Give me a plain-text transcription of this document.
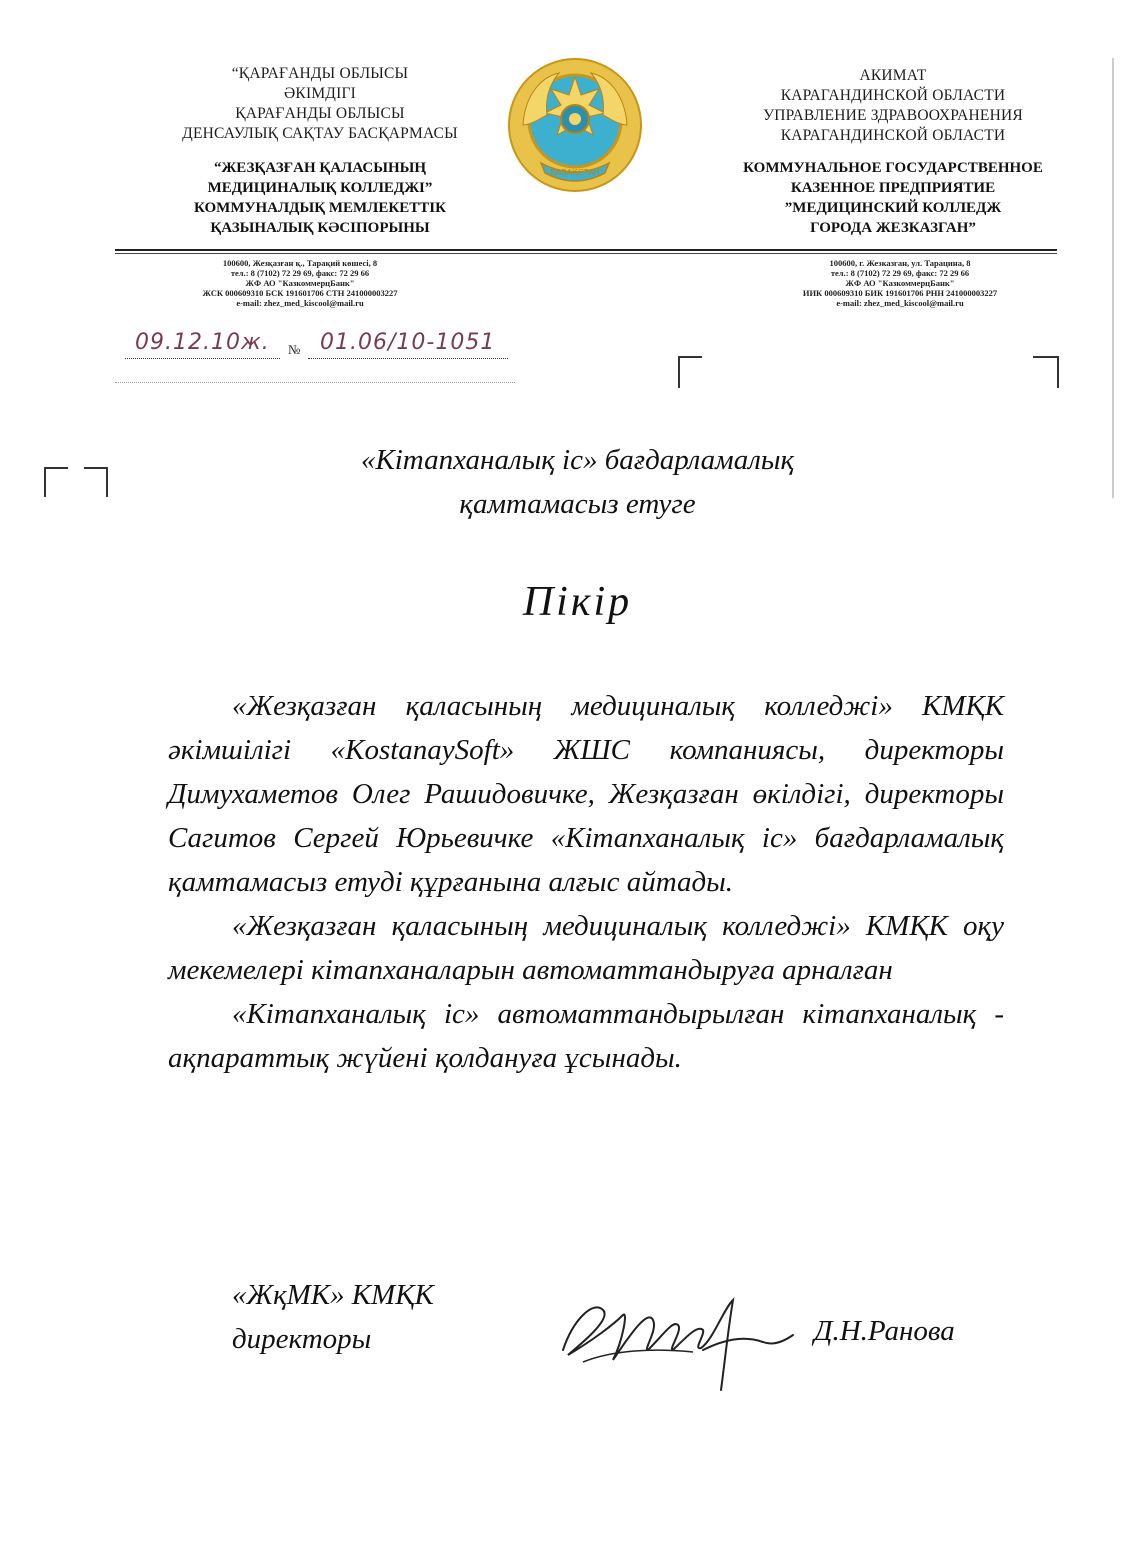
“ҚАРАҒАНДЫ ОБЛЫСЫ
ӘКІМДІГІ
ҚАРАҒАНДЫ ОБЛЫСЫ
ДЕНСАУЛЫҚ САҚТАУ БАСҚАРМАСЫ
“ЖЕЗҚАЗҒАН ҚАЛАСЫНЫҢ
МЕДИЦИНАЛЫҚ КОЛЛЕДЖІ”
КОММУНАЛДЫҚ МЕМЛЕКЕТТІК
ҚАЗЫНАЛЫҚ КӘСІПОРЫНЫ
АКИМАТ
КАРАГАНДИНСКОЙ ОБЛАСТИ
УПРАВЛЕНИЕ ЗДРАВООХРАНЕНИЯ
КАРАГАНДИНСКОЙ ОБЛАСТИ
КОММУНАЛЬНОЕ ГОСУДАРСТВЕННОЕ
КАЗЕННОЕ ПРЕДПРИЯТИЕ
”МЕДИЦИНСКИЙ КОЛЛЕДЖ
ГОРОДА ЖЕЗКАЗГАН”
ҚАЗАҚСТАН
100600, Жезқазған қ., Тарақий көшесі, 8
тел.: 8 (7102) 72 29 69, факс: 72 29 66
ЖФ АО "КазкоммерцБанк"
ЖСК 000609310 БСК 191601706 СТН 241000003227
e-mail: zhez_med_kiscool@mail.ru
100600, г. Жезказган, ул. Тарацина, 8
тел.: 8 (7102) 72 29 69, факс: 72 29 66
ЖФ АО "КазкоммерцБанк"
ИИК 000609310 БИК 191601706 РНН 241000003227
e-mail: zhez_med_kiscool@mail.ru
09.12.10ж. № 01.06/10-1051
«Кітапханалық іс» бағдарламалық
қамтамасыз етуге
Пікір

«Жезқазған қаласының медициналық колледжі» КМҚК әкімшілігі «KostanaySoft» ЖШС компаниясы, директоры Димухаметов Олег Рашидовичке, Жезқазған өкілдігі, директоры Сагитов Сергей Юрьевичке «Кітапханалық іс» бағдарламалық қамтамасыз етуді құрғанына алғыс айтады.

«Жезқазған қаласының медициналық колледжі» КМҚК оқу мекемелері кітапханаларын автоматтандыруға арналған

«Кітапханалық іс» автоматтандырылған кітапханалық - ақпараттық жүйені қолдануға ұсынады.

«ЖқМК» КМҚК
директоры	Д.Н.Ранова
